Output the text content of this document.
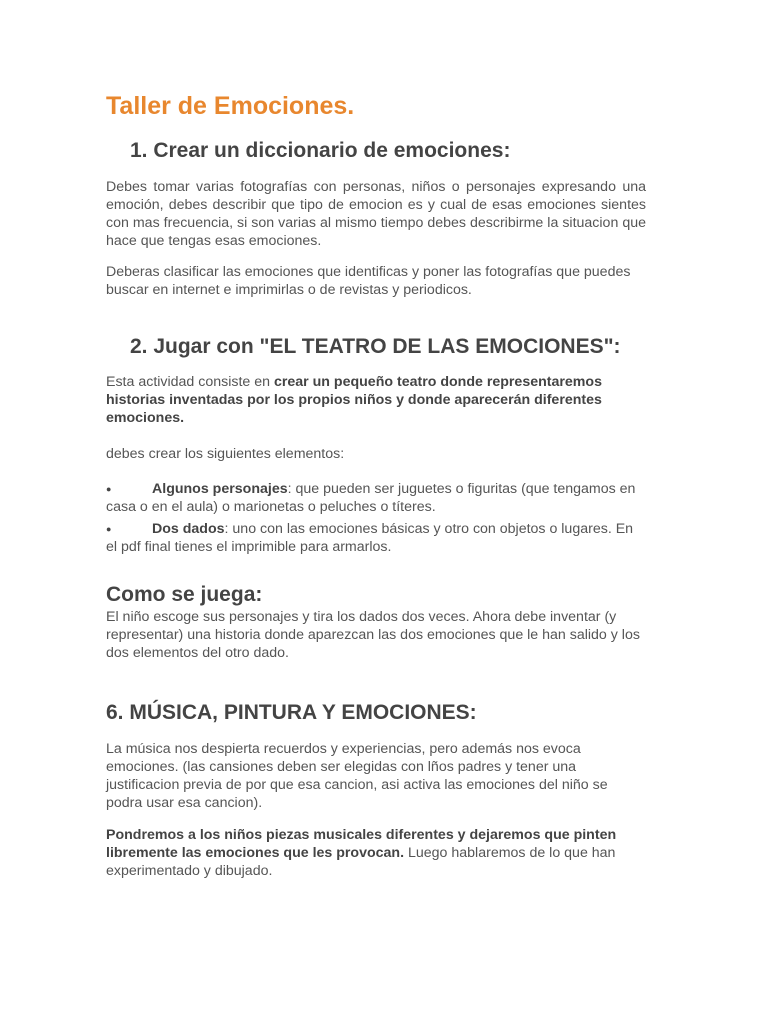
Taller de Emociones.
1. Crear un diccionario de emociones:

Debes tomar varias fotografías con personas, niños o personajes expresando una emoción, debes describir que tipo de emocion es y cual de esas emociones sientes con mas frecuencia, si son varias al mismo tiempo debes describirme la situacion que hace que tengas esas emociones.

Deberas clasificar las emociones que identificas y poner las fotografías que puedes buscar en internet e imprimirlas o de revistas y periodicos.

2. Jugar con "EL TEATRO DE LAS EMOCIONES":

Esta actividad consiste en crear un pequeño teatro donde representaremos historias inventadas por los propios niños y donde aparecerán diferentes emociones.

debes crear los siguientes elementos:

●	Algunos personajes: que pueden ser juguetes o figuritas (que tengamos en casa o en el aula) o marionetas o peluches o títeres.

●	Dos dados: uno con las emociones básicas y otro con objetos o lugares. En el pdf final tienes el imprimible para armarlos.

Como se juega:

El niño escoge sus personajes y tira los dados dos veces. Ahora debe inventar (y representar) una historia donde aparezcan las dos emociones que le han salido y los dos elementos del otro dado.

6. MÚSICA, PINTURA Y EMOCIONES:

La música nos despierta recuerdos y experiencias, pero además nos evoca emociones. (las cansiones deben ser elegidas con lños padres y tener una justificacion previa de por que esa cancion, asi activa las emociones del niño se podra usar esa cancion).

Pondremos a los niños piezas musicales diferentes y dejaremos que pinten libremente las emociones que les provocan. Luego hablaremos de lo que han experimentado y dibujado.
